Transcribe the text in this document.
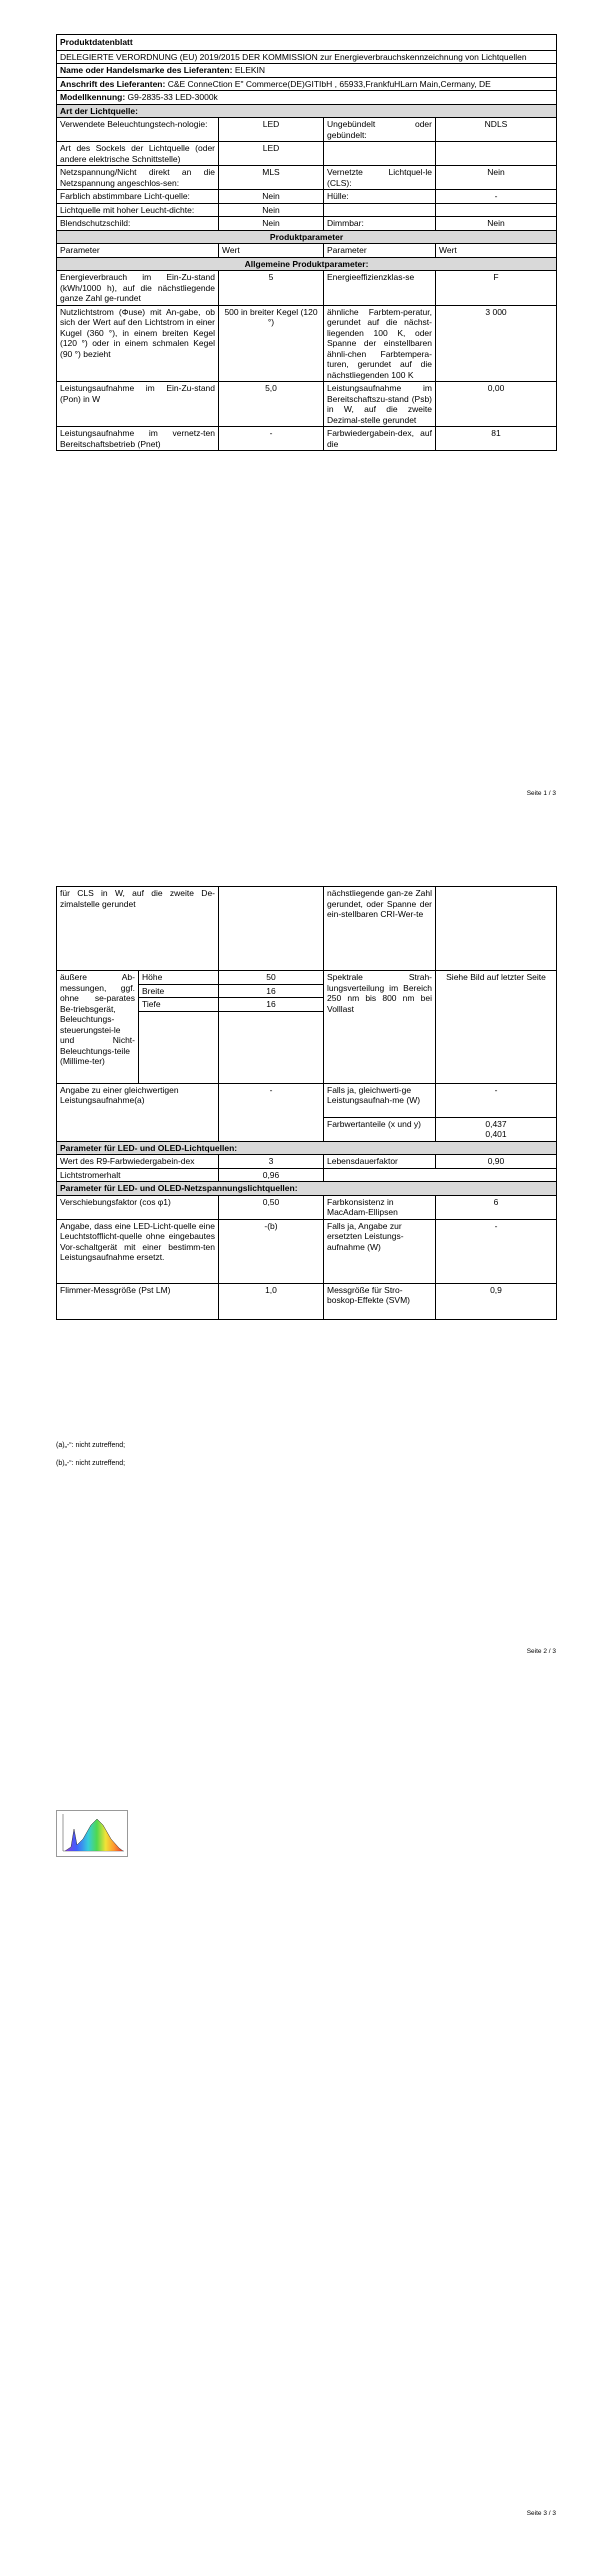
Produktdatenblatt			
DELEGIERTE VERORDNUNG (EU) 2019/2015 DER KOMMISSION zur Energieverbrauchskennzeichnung von Lichtquellen			
Name oder Handelsmarke des Lieferanten: ELEKIN			
Anschrift des Lieferanten: C&E ConneCtion E" Commerce(DE)GITIbH , 65933,FrankfuHLarn Main,Cermany, DE			
Modellkennung: G9-2835-33 LED-3000k			
Art der Lichtquelle:			
Verwendete Beleuchtungstech-nologie:	LED	Ungebündelt oder gebündelt:	NDLS
Art des Sockels der Lichtquelle (oder andere elektrische Schnittstelle)	LED		
Netzspannung/Nicht direkt an die Netzspannung angeschlos-sen:	MLS	Vernetzte Lichtquel-le (CLS):	Nein
Farblich abstimmbare Licht-quelle:	Nein	Hülle:	-
Lichtquelle mit hoher Leucht-dichte:	Nein		
Blendschutzschild:	Nein	Dimmbar:	Nein
Produktparameter			
Parameter	Wert	Parameter	Wert
Allgemeine Produktparameter:			
Energieverbrauch im Ein-Zu-stand (kWh/1000 h), auf die nächstliegende ganze Zahl ge-rundet	5	Energieeffizienzklas-se	F
Nutzlichtstrom (Φuse) mit An-gabe, ob sich der Wert auf den Lichtstrom in einer Kugel (360 °), in einem breiten Kegel (120 °) oder in einem schmalen Kegel (90 °) bezieht	500 in breiter Kegel (120 °)	ähnliche Farbtem-peratur, gerundet auf die nächst-liegenden 100 K, oder Spanne der einstellbaren ähnli-chen Farbtempera-turen, gerundet auf die nächstliegenden 100 K	3 000
Leistungsaufnahme im Ein-Zu-stand (Pon) in W	5,0	Leistungsaufnahme im Bereitschaftszu-stand (Psb) in W, auf die zweite Dezimal-stelle gerundet	0,00
Leistungsaufnahme im vernetz-ten Bereitschaftsbetrieb (Pnet)	-	Farbwiedergabein-dex, auf die	81
Seite 1 / 3
für CLS in W, auf die zweite De-zimalstelle gerundet			nächstliegende gan-ze Zahl gerundet, oder Spanne der ein-stellbaren CRI-Wer-te	
äußere Ab-messungen, ggf. ohne se-parates Be-triebsgerät, Beleuchtungs-steuerungstei-le und Nicht-Beleuchtungs-teile (Millime-ter)	Höhe	50	Spektrale Strah-lungsverteilung im Bereich 250 nm bis 800 nm bei Volllast	Siehe Bild auf letzter Seite
	Breite	16		
	Tiefe	16		

Angabe zu einer gleichwertigen Leistungsaufnahme(a)		-	Falls ja, gleichwerti-ge Leistungsaufnah-me (W)	-
			Farbwertanteile (x und y)	0,437
0,401

Parameter für LED- und OLED-Lichtquellen:				
Wert des R9-Farbwiedergabein-dex		3	Lebensdauerfaktor	0,90
Lichtstromerhalt		0,96		
Parameter für LED- und OLED-Netzspannungslichtquellen:				
Verschiebungsfaktor (cos φ1)		0,50	Farbkonsistenz in MacAdam-Ellipsen	6
Angabe, dass eine LED-Licht-quelle eine Leuchtstofflicht-quelle ohne eingebautes Vor-schaltgerät mit einer bestimm-ten Leistungsaufnahme ersetzt.		-(b)	Falls ja, Angabe zur ersetzten Leistungs-aufnahme (W)	-
Flimmer-Messgröße (Pst LM)		1,0	Messgröße für Stro-boskop-Effekte (SVM)	0,9
(a)„-“: nicht zutreffend;
(b)„-“: nicht zutreffend;
Seite 2 / 3
Seite 3 / 3
